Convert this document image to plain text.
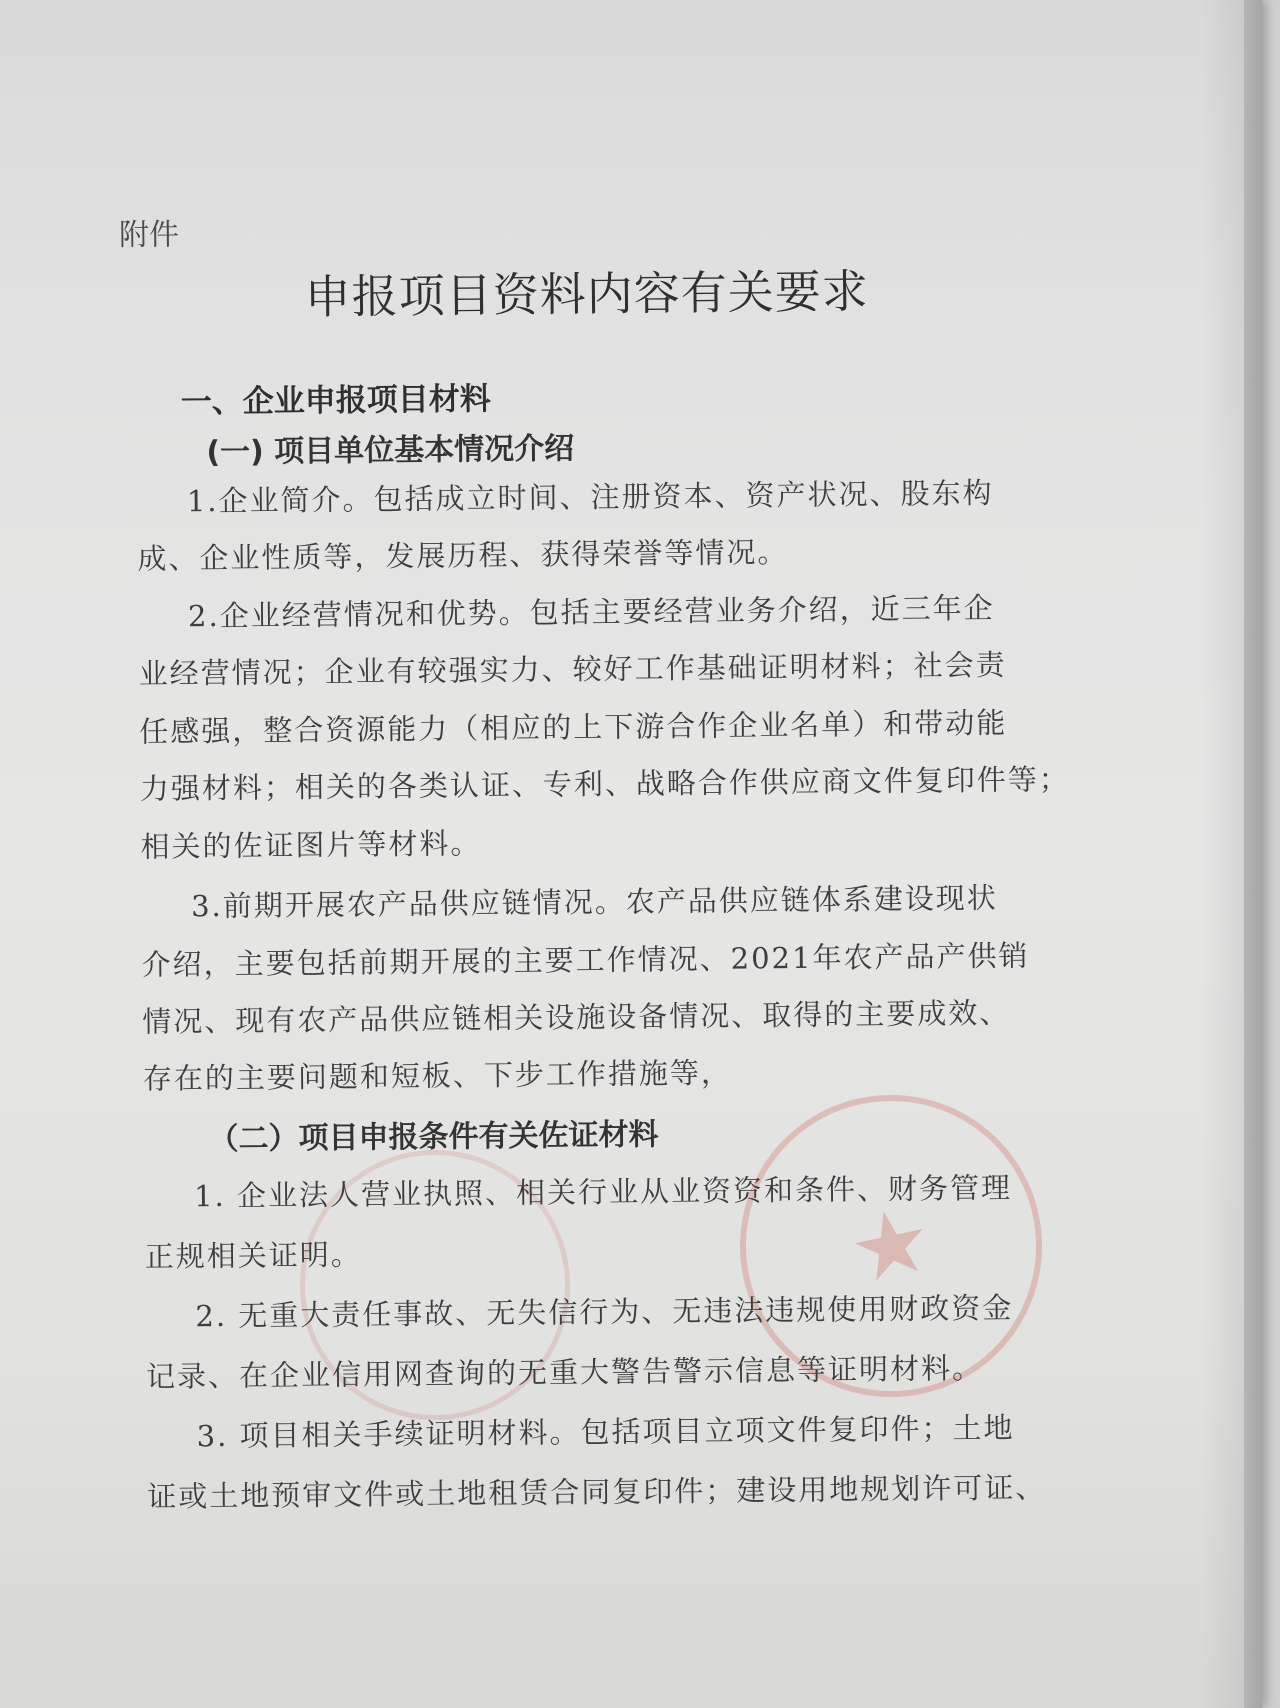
★
附件
申报项目资料内容有关要求
一、企业申报项目材料
(一) 项目单位基本情况介绍
1.企业简介。包括成立时间、注册资本、资产状况、股东构
成、企业性质等，发展历程、获得荣誉等情况。
2.企业经营情况和优势。包括主要经营业务介绍，近三年企
业经营情况；企业有较强实力、较好工作基础证明材料；社会责
任感强，整合资源能力（相应的上下游合作企业名单）和带动能
力强材料；相关的各类认证、专利、战略合作供应商文件复印件等；
相关的佐证图片等材料。
3.前期开展农产品供应链情况。农产品供应链体系建设现状
介绍，主要包括前期开展的主要工作情况、2021年农产品产供销
情况、现有农产品供应链相关设施设备情况、取得的主要成效、
存在的主要问题和短板、下步工作措施等，
（二）项目申报条件有关佐证材料
1. 企业法人营业执照、相关行业从业资资和条件、财务管理
正规相关证明。
2. 无重大责任事故、无失信行为、无违法违规使用财政资金
记录、在企业信用网查询的无重大警告警示信息等证明材料。
3. 项目相关手续证明材料。包括项目立项文件复印件；土地
证或土地预审文件或土地租赁合同复印件；建设用地规划许可证、
